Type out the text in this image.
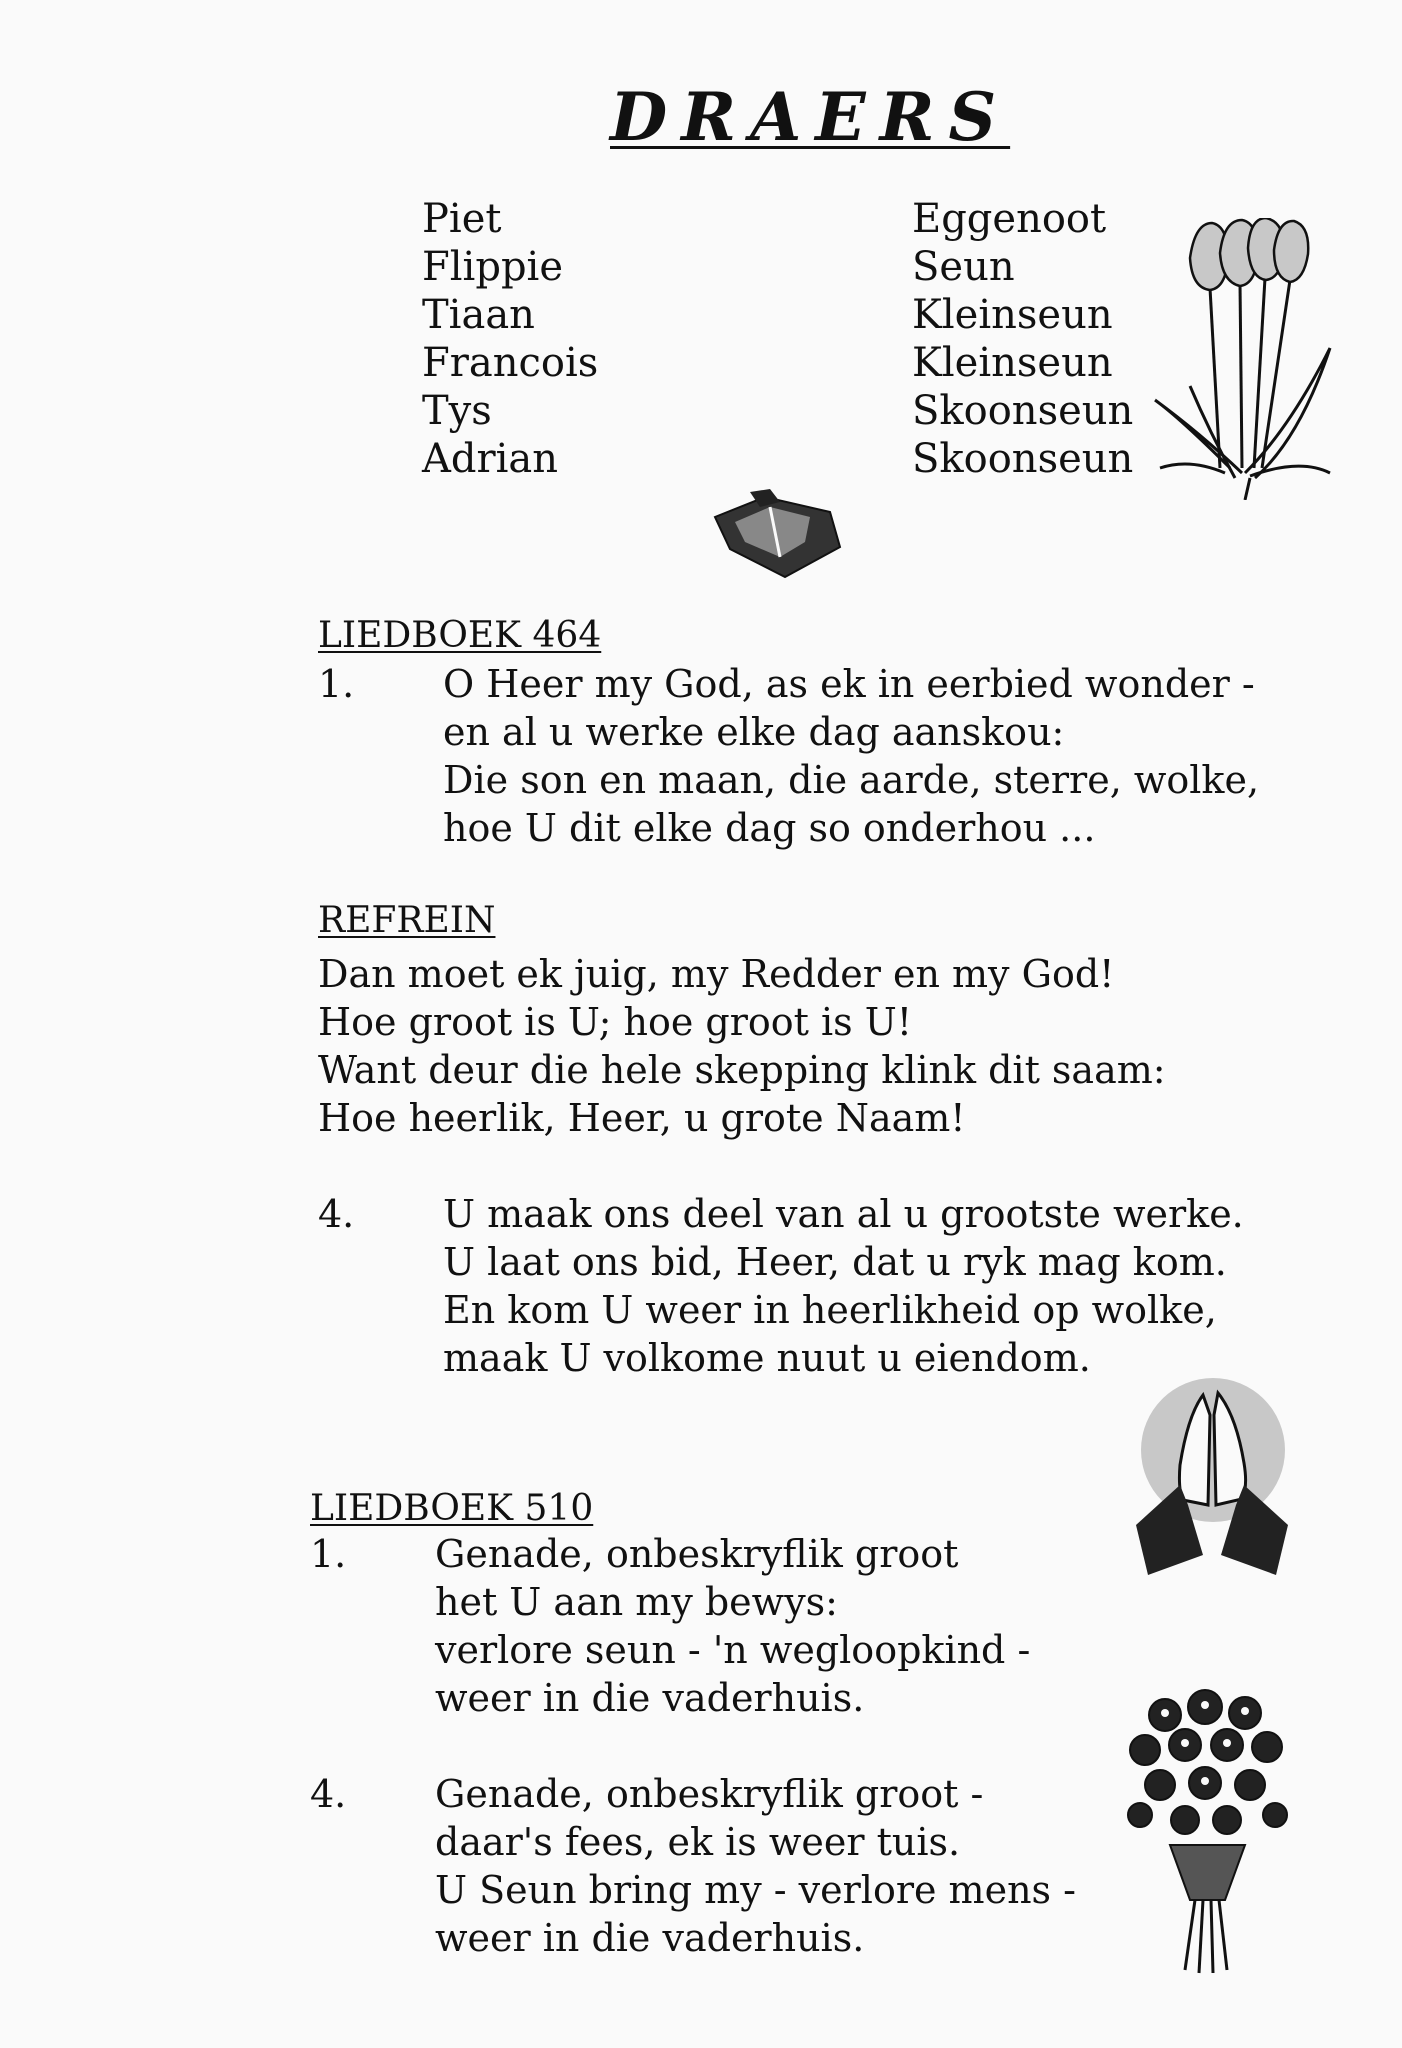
DRAERS
Piet
Flippie
Tiaan
Francois
Tys
Adrian
Eggenoot
Seun
Kleinseun
Kleinseun
Skoonseun
Skoonseun
LIEDBOEK 464
1. O Heer my God, as ek in eerbied wonder -
en al u werke elke dag aanskou:
Die son en maan, die aarde, sterre, wolke,
hoe U dit elke dag so onderhou ...
REFREIN
Dan moet ek juig, my Redder en my God!
Hoe groot is U; hoe groot is U!
Want deur die hele skepping klink dit saam:
Hoe heerlik, Heer, u grote Naam!
4. U maak ons deel van al u grootste werke.
U laat ons bid, Heer, dat u ryk mag kom.
En kom U weer in heerlikheid op wolke,
maak U volkome nuut u eiendom.
LIEDBOEK 510
1. Genade, onbeskryflik groot
het U aan my bewys:
verlore seun - 'n wegloopkind -
weer in die vaderhuis.
4. Genade, onbeskryflik groot -
daar's fees, ek is weer tuis.
U Seun bring my - verlore mens -
weer in die vaderhuis.
